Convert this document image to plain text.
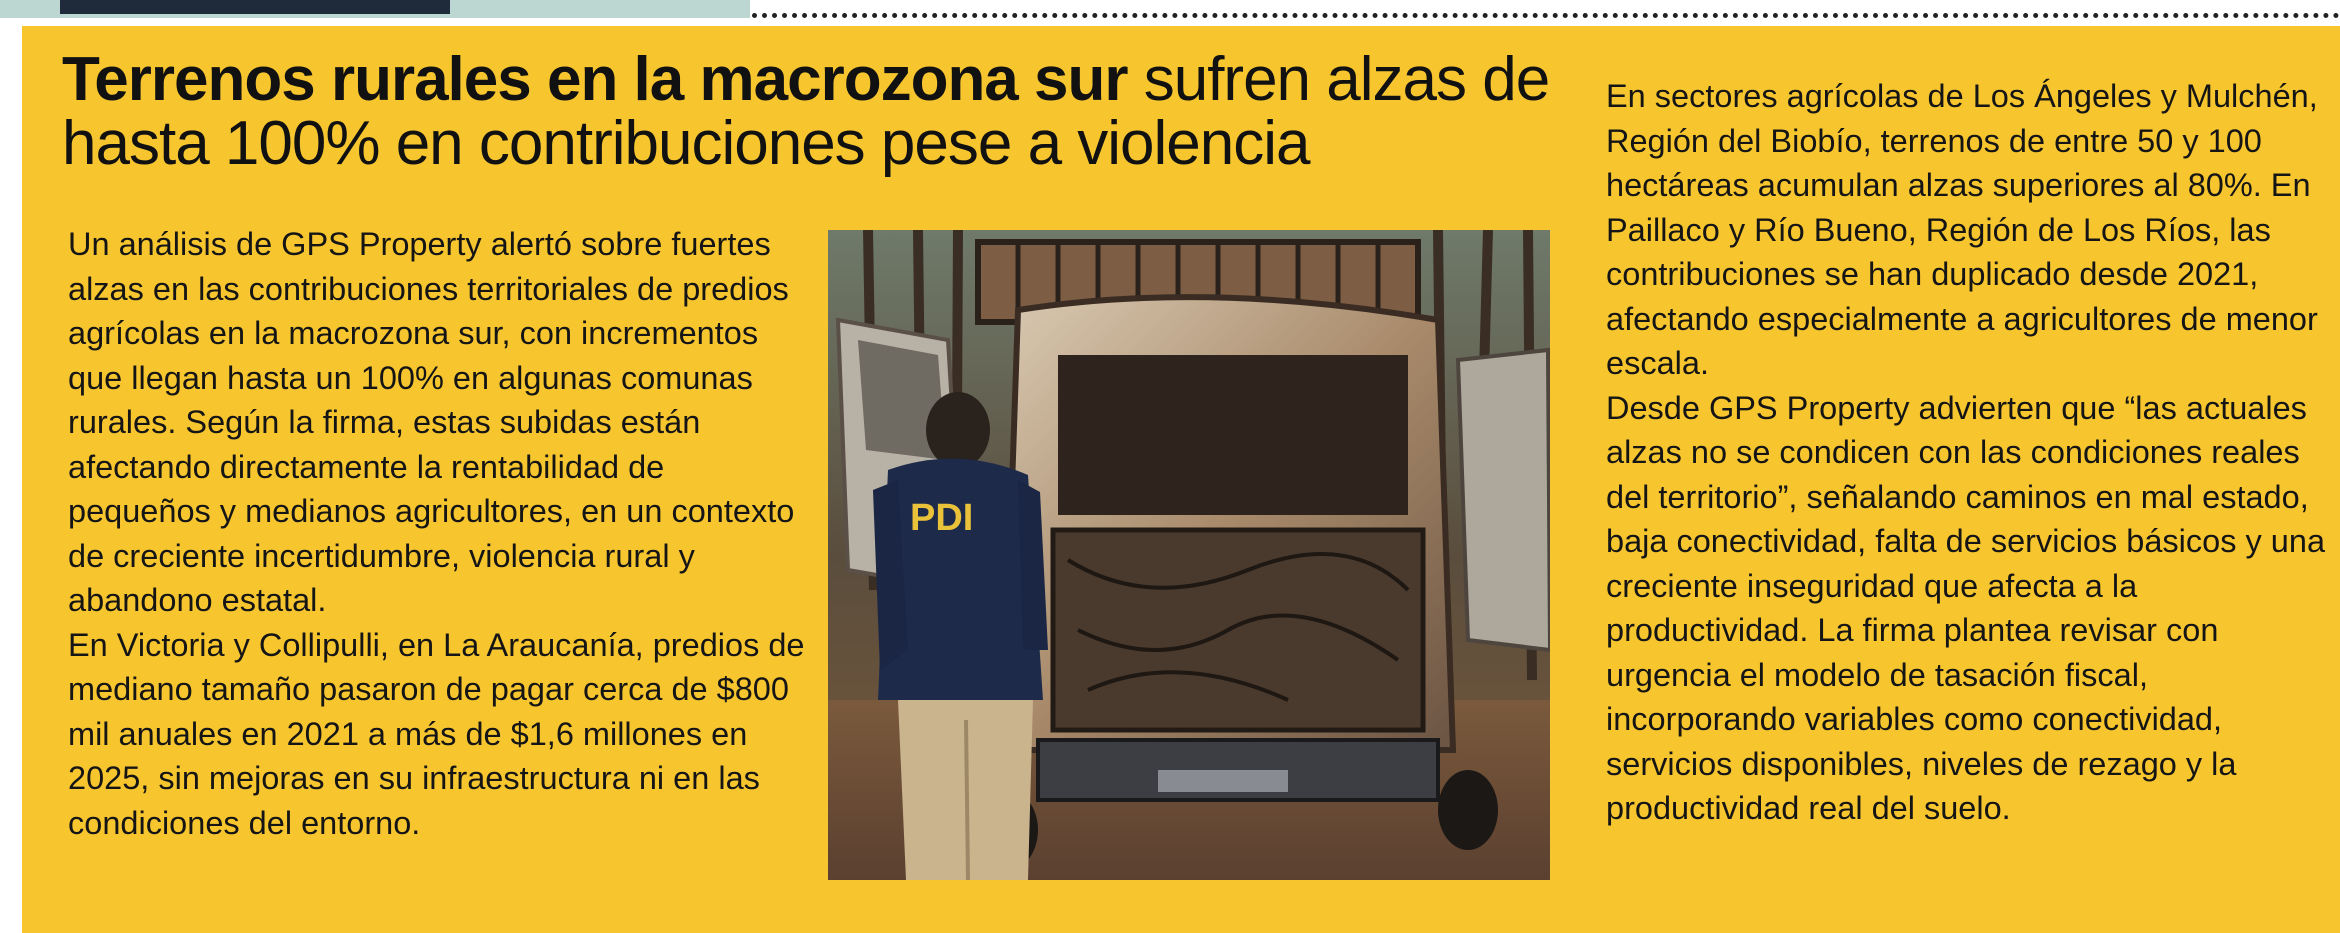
Terrenos rurales en la macrozona sur sufren alzas de hasta 100% en contribuciones pese a violencia

Un análisis de GPS Property alertó sobre fuertes alzas en las contribuciones territoriales de predios agrícolas en la macrozona sur, con incrementos que llegan hasta un 100% en algunas comunas rurales. Según la firma, estas subidas están afectando directamente la rentabilidad de pequeños y medianos agricultores, en un contexto de creciente incertidumbre, violencia rural y abandono estatal.

En Victoria y Collipulli, en La Araucanía, predios de mediano tamaño pasaron de pagar cerca de $800 mil anuales en 2021 a más de $1,6 millones en 2025, sin mejoras en su infraestructura ni en las condiciones del entorno.

PDI

En sectores agrícolas de Los Ángeles y Mulchén, Región del Biobío, terrenos de entre 50 y 100 hectáreas acumulan alzas superiores al 80%. En Paillaco y Río Bueno, Región de Los Ríos, las contribuciones se han duplicado desde 2021, afectando especialmente a agricultores de menor escala.

Desde GPS Property advierten que “las actuales alzas no se condicen con las condiciones reales del territorio”, señalando caminos en mal estado, baja conectividad, falta de servicios básicos y una creciente inseguridad que afecta a la productividad. La firma plantea revisar con urgencia el modelo de tasación fiscal, incorporando variables como conectividad, servicios disponibles, niveles de rezago y la productividad real del suelo.
